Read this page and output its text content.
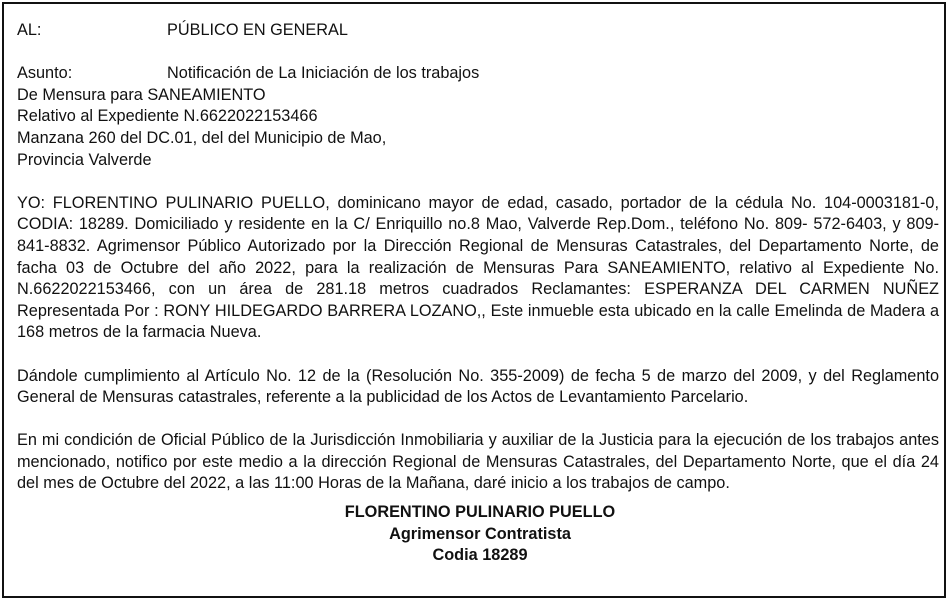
AL:	PÚBLICO EN GENERAL
Asunto:	Notificación de La Iniciación de los trabajos
De Mensura para SANEAMIENTO
Relativo al Expediente N.6622022153466
Manzana 260 del DC.01, del del Municipio de Mao,
Provincia Valverde
YO: FLORENTINO PULINARIO PUELLO, dominicano mayor de edad, casado, portador de la cédula No. 104-0003181-0, CODIA: 18289. Domiciliado y residente en la C/ Enriquillo no.8 Mao, Valverde Rep.Dom., teléfono No. 809- 572-6403, y 809-841-8832. Agrimensor Público Autorizado por la Dirección Regional de Mensuras Catastrales, del Departamento Norte, de facha 03 de Octubre del año 2022, para la realización de Mensuras Para SANEAMIENTO, relativo al Expediente No. N.6622022153466, con un área de 281.18 metros cuadrados Reclamantes: ESPERANZA DEL CARMEN NUÑEZ Representada Por : RONY HILDEGARDO BARRERA LOZANO,, Este inmueble esta ubicado en la calle Emelinda de Madera a 168 metros de la farmacia Nueva.
Dándole cumplimiento al Artículo No. 12 de la (Resolución No. 355-2009) de fecha 5 de marzo del 2009, y del Reglamento General de Mensuras catastrales, referente a la publicidad de los Actos de Levantamiento Parcelario.
En mi condición de Oficial Público de la Jurisdicción Inmobiliaria y auxiliar de la Justicia para la ejecución de los trabajos antes mencionado, notifico por este medio a la dirección Regional de Mensuras Catastrales, del Departamento Norte, que el día 24 del mes de Octubre del 2022, a las 11:00 Horas de la Mañana, daré inicio a los trabajos de campo.
FLORENTINO PULINARIO PUELLO
Agrimensor Contratista
Codia 18289
